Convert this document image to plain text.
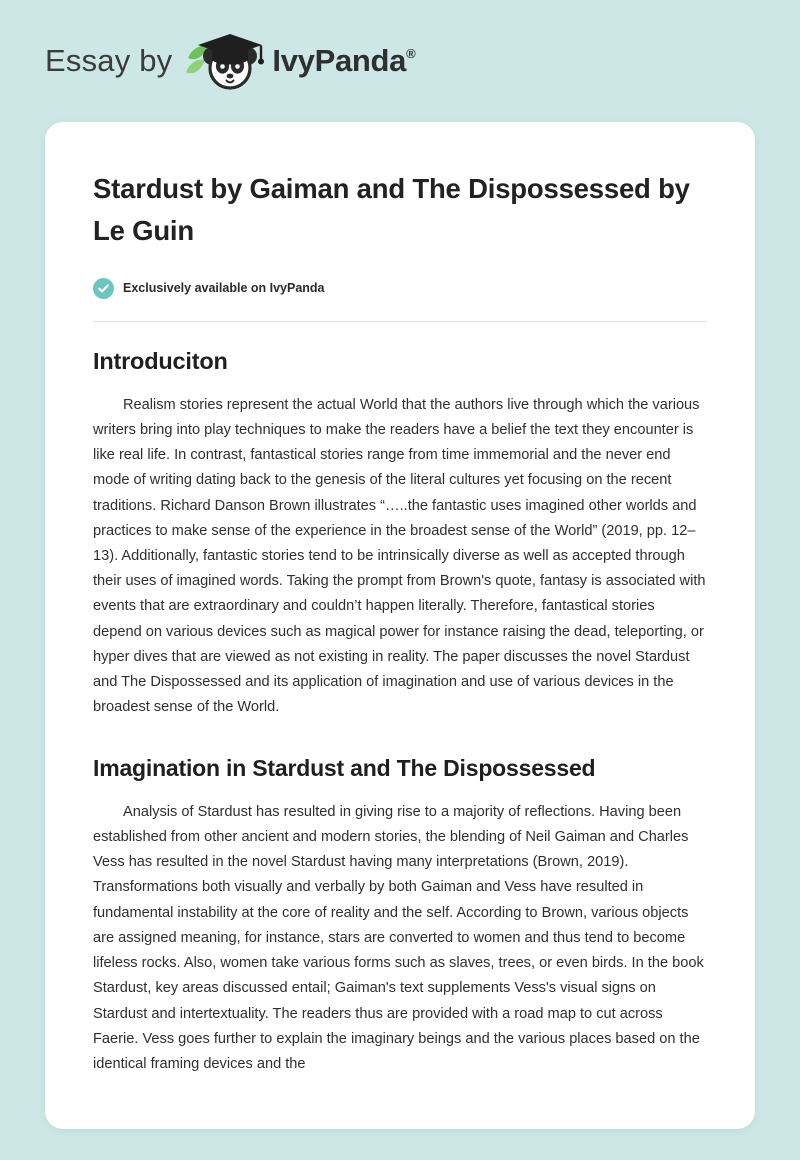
Essay by	IvyPanda®
Stardust by Gaiman and The Dispossessed by Le Guin
Exclusively available on IvyPanda
Introduciton

Realism stories represent the actual World that the authors live through which the various writers bring into play techniques to make the readers have a belief the text they encounter is like real life. In contrast, fantastical stories range from time immemorial and the never end mode of writing dating back to the genesis of the literal cultures yet focusing on the recent traditions. Richard Danson Brown illustrates “…..the fantastic uses imagined other worlds and practices to make sense of the experience in the broadest sense of the World” (2019, pp. 12–13). Additionally, fantastic stories tend to be intrinsically diverse as well as accepted through their uses of imagined words. Taking the prompt from Brown's quote, fantasy is associated with events that are extraordinary and couldn’t happen literally. Therefore, fantastical stories depend on various devices such as magical power for instance raising the dead, teleporting, or hyper dives that are viewed as not existing in reality. The paper discusses the novel Stardust and The Dispossessed and its application of imagination and use of various devices in the broadest sense of the World.

Imagination in Stardust and The Dispossessed

Analysis of Stardust has resulted in giving rise to a majority of reflections. Having been established from other ancient and modern stories, the blending of Neil Gaiman and Charles Vess has resulted in the novel Stardust having many interpretations (Brown, 2019). Transformations both visually and verbally by both Gaiman and Vess have resulted in fundamental instability at the core of reality and the self. According to Brown, various objects are assigned meaning, for instance, stars are converted to women and thus tend to become lifeless rocks. Also, women take various forms such as slaves, trees, or even birds. In the book Stardust, key areas discussed entail; Gaiman's text supplements Vess's visual signs on Stardust and intertextuality. The readers thus are provided with a road map to cut across Faerie. Vess goes further to explain the imaginary beings and the various places based on the identical framing devices and the
